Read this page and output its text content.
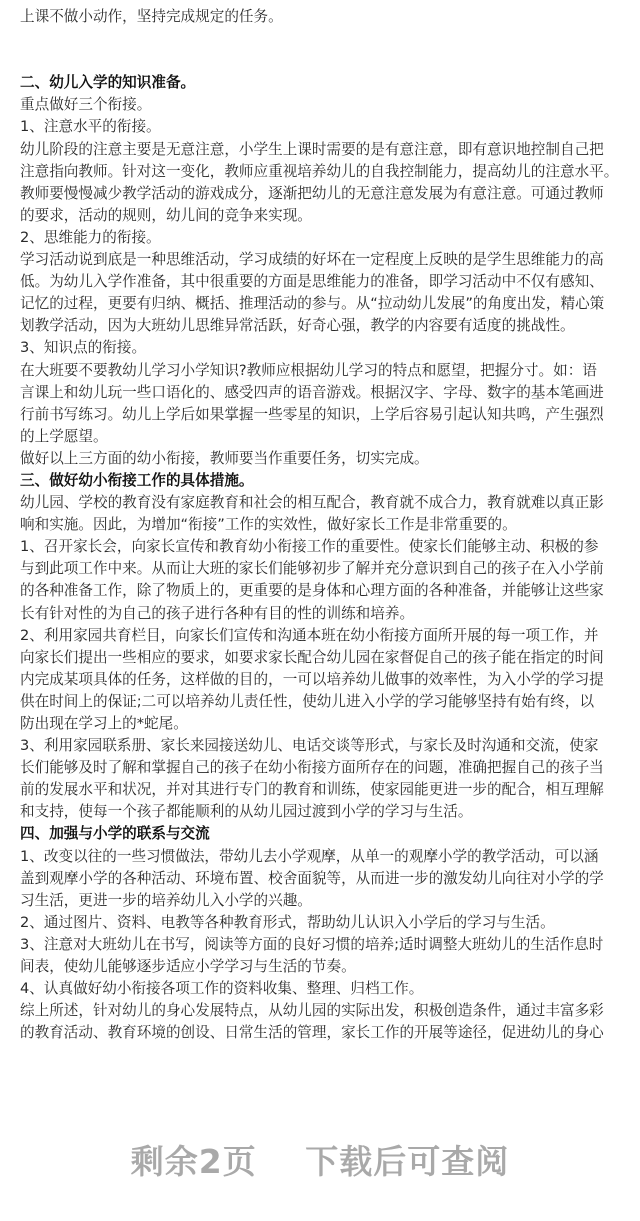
上课不做小动作，坚持完成规定的任务。
二、幼儿入学的知识准备。
重点做好三个衔接。
1、注意水平的衔接。
幼儿阶段的注意主要是无意注意，小学生上课时需要的是有意注意，即有意识地控制自己把
注意指向教师。针对这一变化，教师应重视培养幼儿的自我控制能力，提高幼儿的注意水平。
教师要慢慢减少教学活动的游戏成分，逐渐把幼儿的无意注意发展为有意注意。可通过教师
的要求，活动的规则，幼儿间的竞争来实现。
2、思维能力的衔接。
学习活动说到底是一种思维活动，学习成绩的好坏在一定程度上反映的是学生思维能力的高
低。为幼儿入学作准备，其中很重要的方面是思维能力的准备，即学习活动中不仅有感知、
记忆的过程，更要有归纳、概括、推理活动的参与。从“拉动幼儿发展”的角度出发，精心策
划教学活动，因为大班幼儿思维异常活跃，好奇心强，教学的内容要有适度的挑战性。
3、知识点的衔接。
在大班要不要教幼儿学习小学知识?教师应根据幼儿学习的特点和愿望，把握分寸。如：语
言课上和幼儿玩一些口语化的、感受四声的语音游戏。根据汉字、字母、数字的基本笔画进
行前书写练习。幼儿上学后如果掌握一些零星的知识，上学后容易引起认知共鸣，产生强烈
的上学愿望。
做好以上三方面的幼小衔接，教师要当作重要任务，切实完成。
三、做好幼小衔接工作的具体措施。
幼儿园、学校的教育没有家庭教育和社会的相互配合，教育就不成合力，教育就难以真正影
响和实施。因此，为增加“衔接”工作的实效性，做好家长工作是非常重要的。
1、召开家长会，向家长宣传和教育幼小衔接工作的重要性。使家长们能够主动、积极的参
与到此项工作中来。从而让大班的家长们能够初步了解并充分意识到自己的孩子在入小学前
的各种准备工作，除了物质上的，更重要的是身体和心理方面的各种准备，并能够让这些家
长有针对性的为自己的孩子进行各种有目的性的训练和培养。
2、利用家园共育栏目，向家长们宣传和沟通本班在幼小衔接方面所开展的每一项工作，并
向家长们提出一些相应的要求，如要求家长配合幼儿园在家督促自己的孩子能在指定的时间
内完成某项具体的任务，这样做的目的，一可以培养幼儿做事的效率性，为入小学的学习提
供在时间上的保证;二可以培养幼儿责任性，使幼儿进入小学的学习能够坚持有始有终，以
防出现在学习上的*蛇尾。
3、利用家园联系册、家长来园接送幼儿、电话交谈等形式，与家长及时沟通和交流，使家
长们能够及时了解和掌握自己的孩子在幼小衔接方面所存在的问题，准确把握自己的孩子当
前的发展水平和状况，并对其进行专门的教育和训练，使家园能更进一步的配合，相互理解
和支持，使每一个孩子都能顺利的从幼儿园过渡到小学的学习与生活。
四、加强与小学的联系与交流
1、改变以往的一些习惯做法，带幼儿去小学观摩，从单一的观摩小学的教学活动，可以涵
盖到观摩小学的各种活动、环境布置、校舍面貌等，从而进一步的激发幼儿向往对小学的学
习生活，更进一步的培养幼儿入小学的兴趣。
2、通过图片、资料、电教等各种教育形式，帮助幼儿认识入小学后的学习与生活。
3、注意对大班幼儿在书写，阅读等方面的良好习惯的培养;适时调整大班幼儿的生活作息时
间表，使幼儿能够逐步适应小学学习与生活的节奏。
4、认真做好幼小衔接各项工作的资料收集、整理、归档工作。
综上所述，针对幼儿的身心发展特点，从幼儿园的实际出发，积极创造条件，通过丰富多彩
的教育活动、教育环境的创设、日常生活的管理，家长工作的开展等途径，促进幼儿的身心
剩余2页 下载后可查阅
